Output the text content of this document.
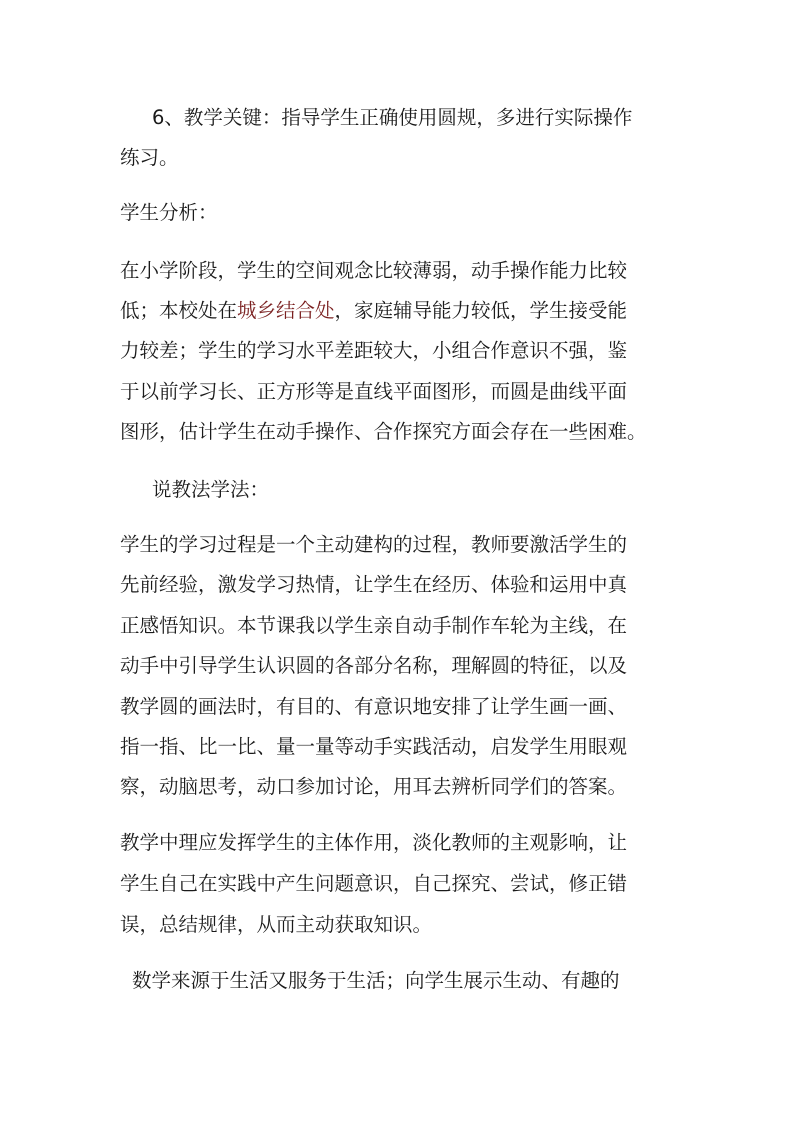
6、教学关键：指导学生正确使用圆规，多进行实际操作
练习。
学生分析：
在小学阶段，学生的空间观念比较薄弱，动手操作能力比较
低；本校处在城乡结合处，家庭辅导能力较低，学生接受能
力较差；学生的学习水平差距较大，小组合作意识不强，鉴
于以前学习长、正方形等是直线平面图形，而圆是曲线平面
图形，估计学生在动手操作、合作探究方面会存在一些困难。
说教法学法：
学生的学习过程是一个主动建构的过程，教师要激活学生的
先前经验，激发学习热情，让学生在经历、体验和运用中真
正感悟知识。本节课我以学生亲自动手制作车轮为主线，在
动手中引导学生认识圆的各部分名称，理解圆的特征，以及
教学圆的画法时，有目的、有意识地安排了让学生画一画、
指一指、比一比、量一量等动手实践活动，启发学生用眼观
察，动脑思考，动口参加讨论，用耳去辨析同学们的答案。
教学中理应发挥学生的主体作用，淡化教师的主观影响，让
学生自己在实践中产生问题意识，自己探究、尝试，修正错
误，总结规律，从而主动获取知识。
数学来源于生活又服务于生活；向学生展示生动、有趣的
